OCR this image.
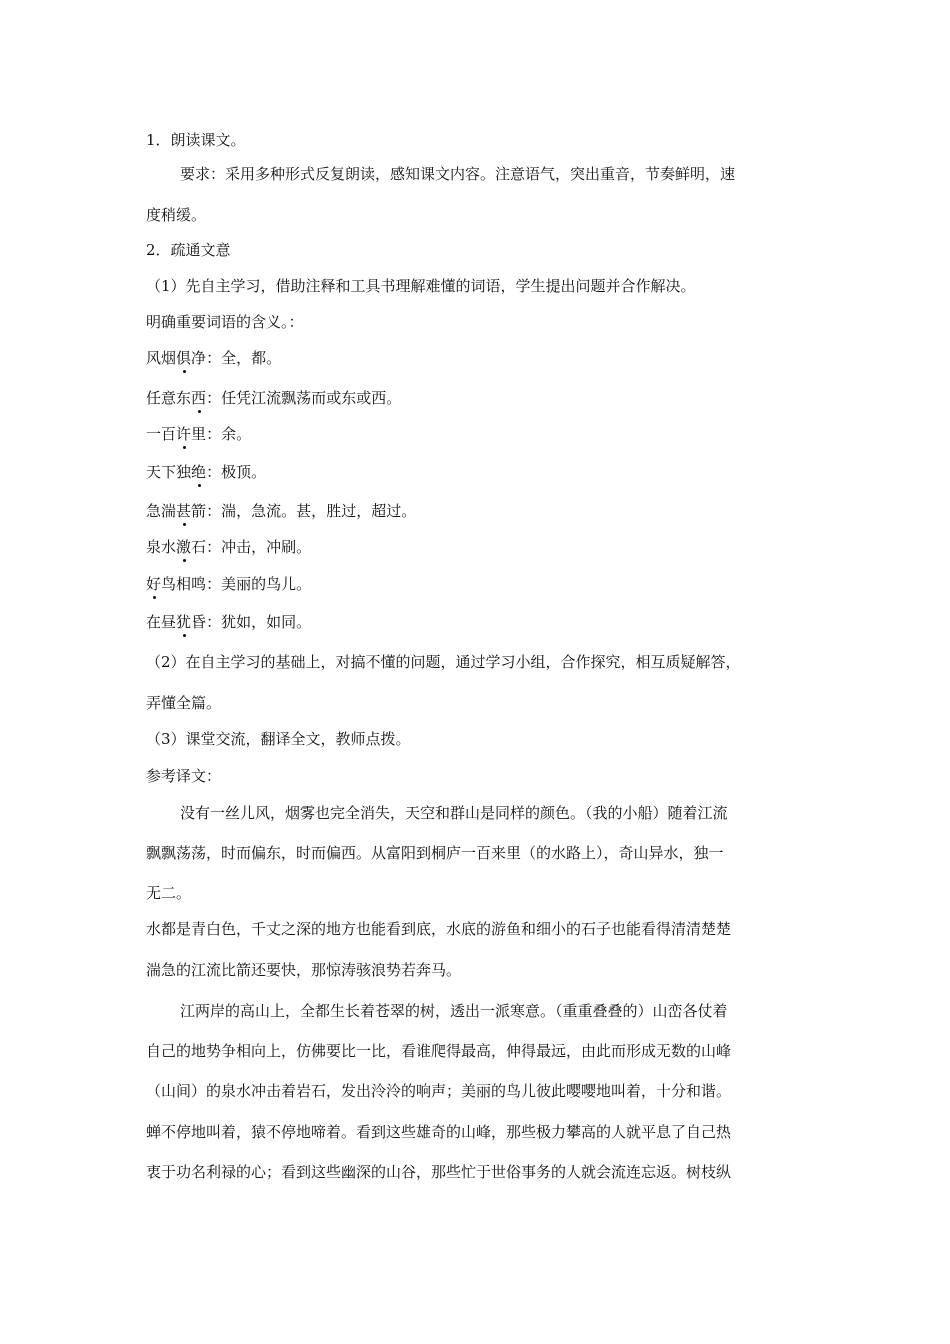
1．朗读课文。
要求：采用多种形式反复朗读，感知课文内容。注意语气，突出重音，节奏鲜明，速
度稍缓。
2．疏通文意
（1）先自主学习，借助注释和工具书理解难懂的词语，学生提出问题并合作解决。
明确重要词语的含义。：
风烟俱净：全，都。
任意东西：任凭江流飘荡而或东或西。
一百许里：余。
天下独绝：极顶。
急湍甚箭：湍，急流。甚，胜过，超过。
泉水激石：冲击，冲刷。
好鸟相鸣：美丽的鸟儿。
在昼犹昏：犹如，如同。
（2）在自主学习的基础上，对搞不懂的问题，通过学习小组，合作探究，相互质疑解答，
弄懂全篇。
（3）课堂交流，翻译全文，教师点拨。
参考译文：
没有一丝儿风，烟雾也完全消失，天空和群山是同样的颜色。（我的小船）随着江流
飘飘荡荡，时而偏东，时而偏西。从富阳到桐庐一百来里（的水路上），奇山异水，独一
无二。
水都是青白色，千丈之深的地方也能看到底，水底的游鱼和细小的石子也能看得清清楚楚
湍急的江流比箭还要快，那惊涛骇浪势若奔马。
江两岸的高山上，全都生长着苍翠的树，透出一派寒意。（重重叠叠的）山峦各仗着
自己的地势争相向上，仿佛要比一比，看谁爬得最高，伸得最远，由此而形成无数的山峰
（山间）的泉水冲击着岩石，发出泠泠的响声；美丽的鸟儿彼此嘤嘤地叫着，十分和谐。
蝉不停地叫着，猿不停地啼着。看到这些雄奇的山峰，那些极力攀高的人就平息了自己热
衷于功名利禄的心；看到这些幽深的山谷，那些忙于世俗事务的人就会流连忘返。树枝纵
